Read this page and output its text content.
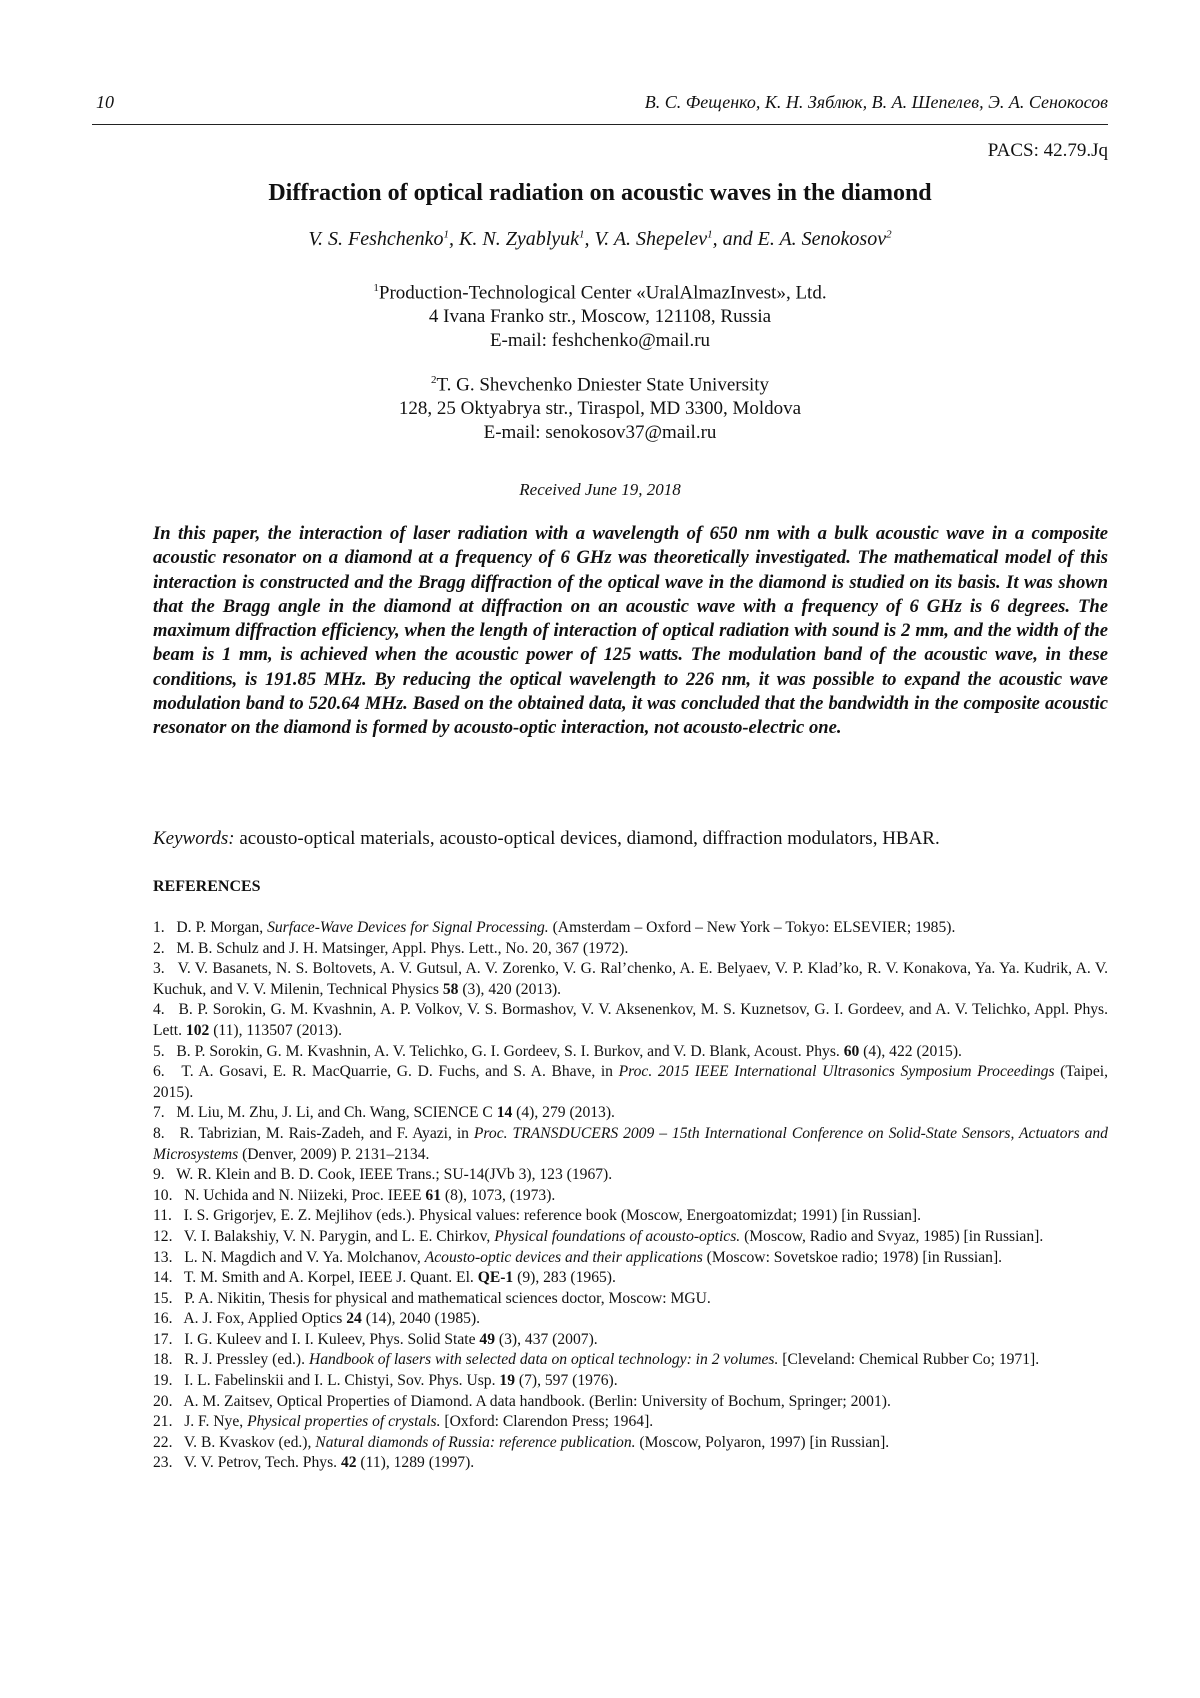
10	В. С. Фещенко, К. Н. Зяблюк, В. А. Шепелев, Э. А. Сенокосов
PACS: 42.79.Jq
Diffraction of optical radiation on acoustic waves in the diamond
V. S. Feshchenko1, K. N. Zyablyuk1, V. A. Shepelev1, and E. A. Senokosov2
1Production-Technological Center «UralAlmazInvest», Ltd.
4 Ivana Franko str., Moscow, 121108, Russia
E-mail: feshchenko@mail.ru
2T. G. Shevchenko Dniester State University
128, 25 Oktyabrya str., Tiraspol, MD 3300, Moldova
E-mail: senokosov37@mail.ru
Received June 19, 2018
In this paper, the interaction of laser radiation with a wavelength of 650 nm with a bulk acoustic wave in a composite acoustic resonator on a diamond at a frequency of 6 GHz was theoretically investigated. The mathematical model of this interaction is constructed and the Bragg diffraction of the optical wave in the diamond is studied on its basis. It was shown that the Bragg angle in the diamond at diffraction on an acoustic wave with a frequency of 6 GHz is 6 degrees. The maximum diffraction efficiency, when the length of interaction of optical radiation with sound is 2 mm, and the width of the beam is 1 mm, is achieved when the acoustic power of 125 watts. The modulation band of the acoustic wave, in these conditions, is 191.85 MHz. By reducing the optical wavelength to 226 nm, it was possible to expand the acoustic wave modulation band to 520.64 MHz. Based on the obtained data, it was concluded that the bandwidth in the composite acoustic resonator on the diamond is formed by acousto-optic interaction, not acousto-electric one.
Keywords: acousto-optical materials, acousto-optical devices, diamond, diffraction modulators, HBAR.
REFERENCES
1.   D. P. Morgan, Surface-Wave Devices for Signal Processing. (Amsterdam – Oxford – New York – Tokyo: ELSEVIER; 1985).
2.   M. B. Schulz and J. H. Matsinger, Appl. Phys. Lett., No. 20, 367 (1972).
3.   V. V. Basanets, N. S. Boltovets, A. V. Gutsul, A. V. Zorenko, V. G. Ral’chenko, A. E. Belyaev, V. P. Klad’ko, R. V. Konakova, Ya. Ya. Kudrik, A. V. Kuchuk, and V. V. Milenin, Technical Physics 58 (3), 420 (2013).
4.   B. P. Sorokin, G. M. Kvashnin, A. P. Volkov, V. S. Bormashov, V. V. Aksenenkov, M. S. Kuznetsov, G. I. Gordeev, and A. V. Telichko, Appl. Phys. Lett. 102 (11), 113507 (2013).
5.   B. P. Sorokin, G. M. Kvashnin, A. V. Telichko, G. I. Gordeev, S. I. Burkov, and V. D. Blank, Acoust. Phys. 60 (4), 422 (2015).
6.   T. A. Gosavi, E. R. MacQuarrie, G. D. Fuchs, and S. A. Bhave, in Proc. 2015 IEEE International Ultrasonics Symposium Proceedings (Taipei, 2015).
7.   M. Liu, M. Zhu, J. Li, and Ch. Wang, SCIENCE C 14 (4), 279 (2013).
8.   R. Tabrizian, M. Rais-Zadeh, and F. Ayazi, in Proc. TRANSDUCERS 2009 – 15th International Conference on Solid-State Sensors, Actuators and Microsystems (Denver, 2009) P. 2131–2134.
9.   W. R. Klein and B. D. Cook, IEEE Trans.; SU-14(JVb 3), 123 (1967).
10.   N. Uchida and N. Niizeki, Proc. IEEE 61 (8), 1073, (1973).
11.   I. S. Grigorjev, E. Z. Mejlihov (eds.). Physical values: reference book (Moscow, Energoatomizdat; 1991) [in Russian].
12.   V. I. Balakshiy, V. N. Parygin, and L. E. Chirkov, Physical foundations of acousto-optics. (Moscow, Radio and Svyaz, 1985) [in Russian].
13.   L. N. Magdich and V. Ya. Molchanov, Acousto-optic devices and their applications (Moscow: Sovetskoe radio; 1978) [in Russian].
14.   T. M. Smith and A. Korpel, IEEE J. Quant. El. QE-1 (9), 283 (1965).
15.   P. A. Nikitin, Thesis for physical and mathematical sciences doctor, Moscow: MGU.
16.   A. J. Fox, Applied Optics 24 (14), 2040 (1985).
17.   I. G. Kuleev and I. I. Kuleev, Phys. Solid State 49 (3), 437 (2007).
18.   R. J. Pressley (ed.). Handbook of lasers with selected data on optical technology: in 2 volumes. [Cleveland: Chemical Rubber Co; 1971].
19.   I. L. Fabelinskii and I. L. Chistyi, Sov. Phys. Usp. 19 (7), 597 (1976).
20.   A. M. Zaitsev, Optical Properties of Diamond. A data handbook. (Berlin: University of Bochum, Springer; 2001).
21.   J. F. Nye, Physical properties of crystals. [Oxford: Clarendon Press; 1964].
22.   V. B. Kvaskov (ed.), Natural diamonds of Russia: reference publication. (Moscow, Polyaron, 1997) [in Russian].
23.   V. V. Petrov, Tech. Phys. 42 (11), 1289 (1997).
